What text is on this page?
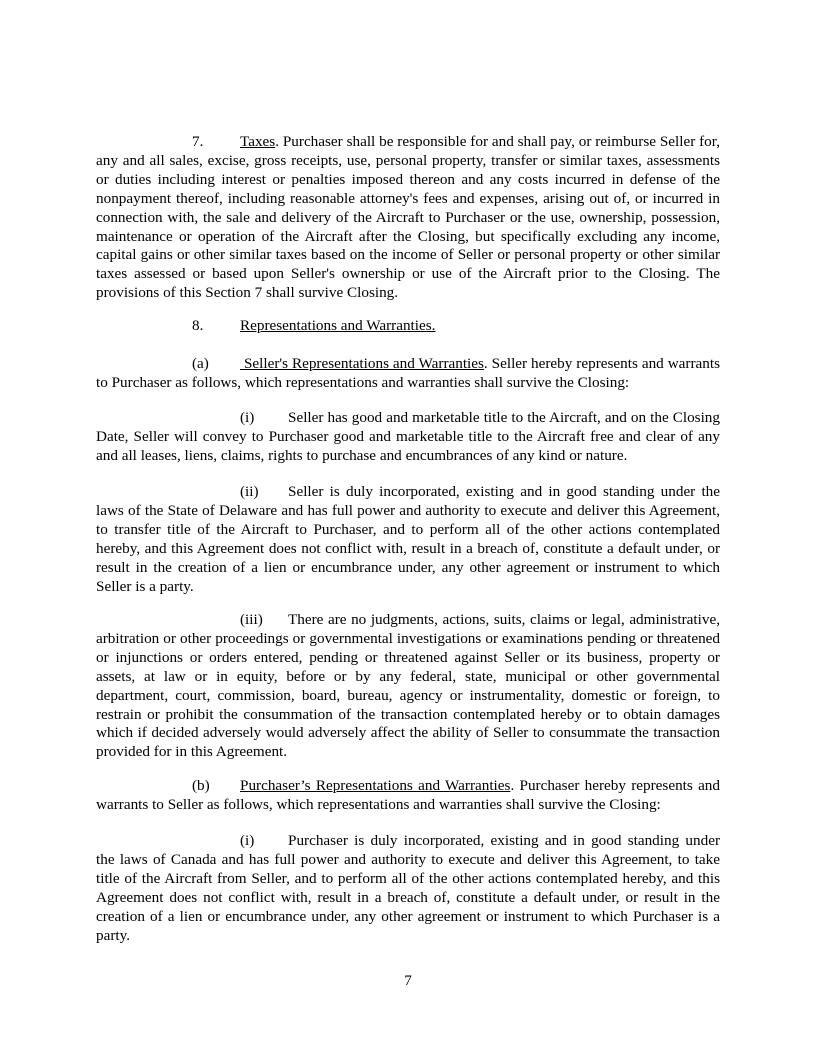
7. Taxes. Purchaser shall be responsible for and shall pay, or reimburse Seller for, any and all sales, excise, gross receipts, use, personal property, transfer or similar taxes, assessments or duties including interest or penalties imposed thereon and any costs incurred in defense of the nonpayment thereof, including reasonable attorney's fees and expenses, arising out of, or incurred in connection with, the sale and delivery of the Aircraft to Purchaser or the use, ownership, possession, maintenance or operation of the Aircraft after the Closing, but specifically excluding any income, capital gains or other similar taxes based on the income of Seller or personal property or other similar taxes assessed or based upon Seller's ownership or use of the Aircraft prior to the Closing. The provisions of this Section 7 shall survive Closing.

8. Representations and Warranties.

(a) Seller's Representations and Warranties. Seller hereby represents and warrants to Purchaser as follows, which representations and warranties shall survive the Closing:

(i) Seller has good and marketable title to the Aircraft, and on the Closing Date, Seller will convey to Purchaser good and marketable title to the Aircraft free and clear of any and all leases, liens, claims, rights to purchase and encumbrances of any kind or nature.

(ii) Seller is duly incorporated, existing and in good standing under the laws of the State of Delaware and has full power and authority to execute and deliver this Agreement, to transfer title of the Aircraft to Purchaser, and to perform all of the other actions contemplated hereby, and this Agreement does not conflict with, result in a breach of, constitute a default under, or result in the creation of a lien or encumbrance under, any other agreement or instrument to which Seller is a party.

(iii) There are no judgments, actions, suits, claims or legal, administrative, arbitration or other proceedings or governmental investigations or examinations pending or threatened or injunctions or orders entered, pending or threatened against Seller or its business, property or assets, at law or in equity, before or by any federal, state, municipal or other governmental department, court, commission, board, bureau, agency or instrumentality, domestic or foreign, to restrain or prohibit the consummation of the transaction contemplated hereby or to obtain damages which if decided adversely would adversely affect the ability of Seller to consummate the transaction provided for in this Agreement.

(b) Purchaser’s Representations and Warranties. Purchaser hereby represents and warrants to Seller as follows, which representations and warranties shall survive the Closing:

(i) Purchaser is duly incorporated, existing and in good standing under the laws of Canada and has full power and authority to execute and deliver this Agreement, to take title of the Aircraft from Seller, and to perform all of the other actions contemplated hereby, and this Agreement does not conflict with, result in a breach of, constitute a default under, or result in the creation of a lien or encumbrance under, any other agreement or instrument to which Purchaser is a party.

7
